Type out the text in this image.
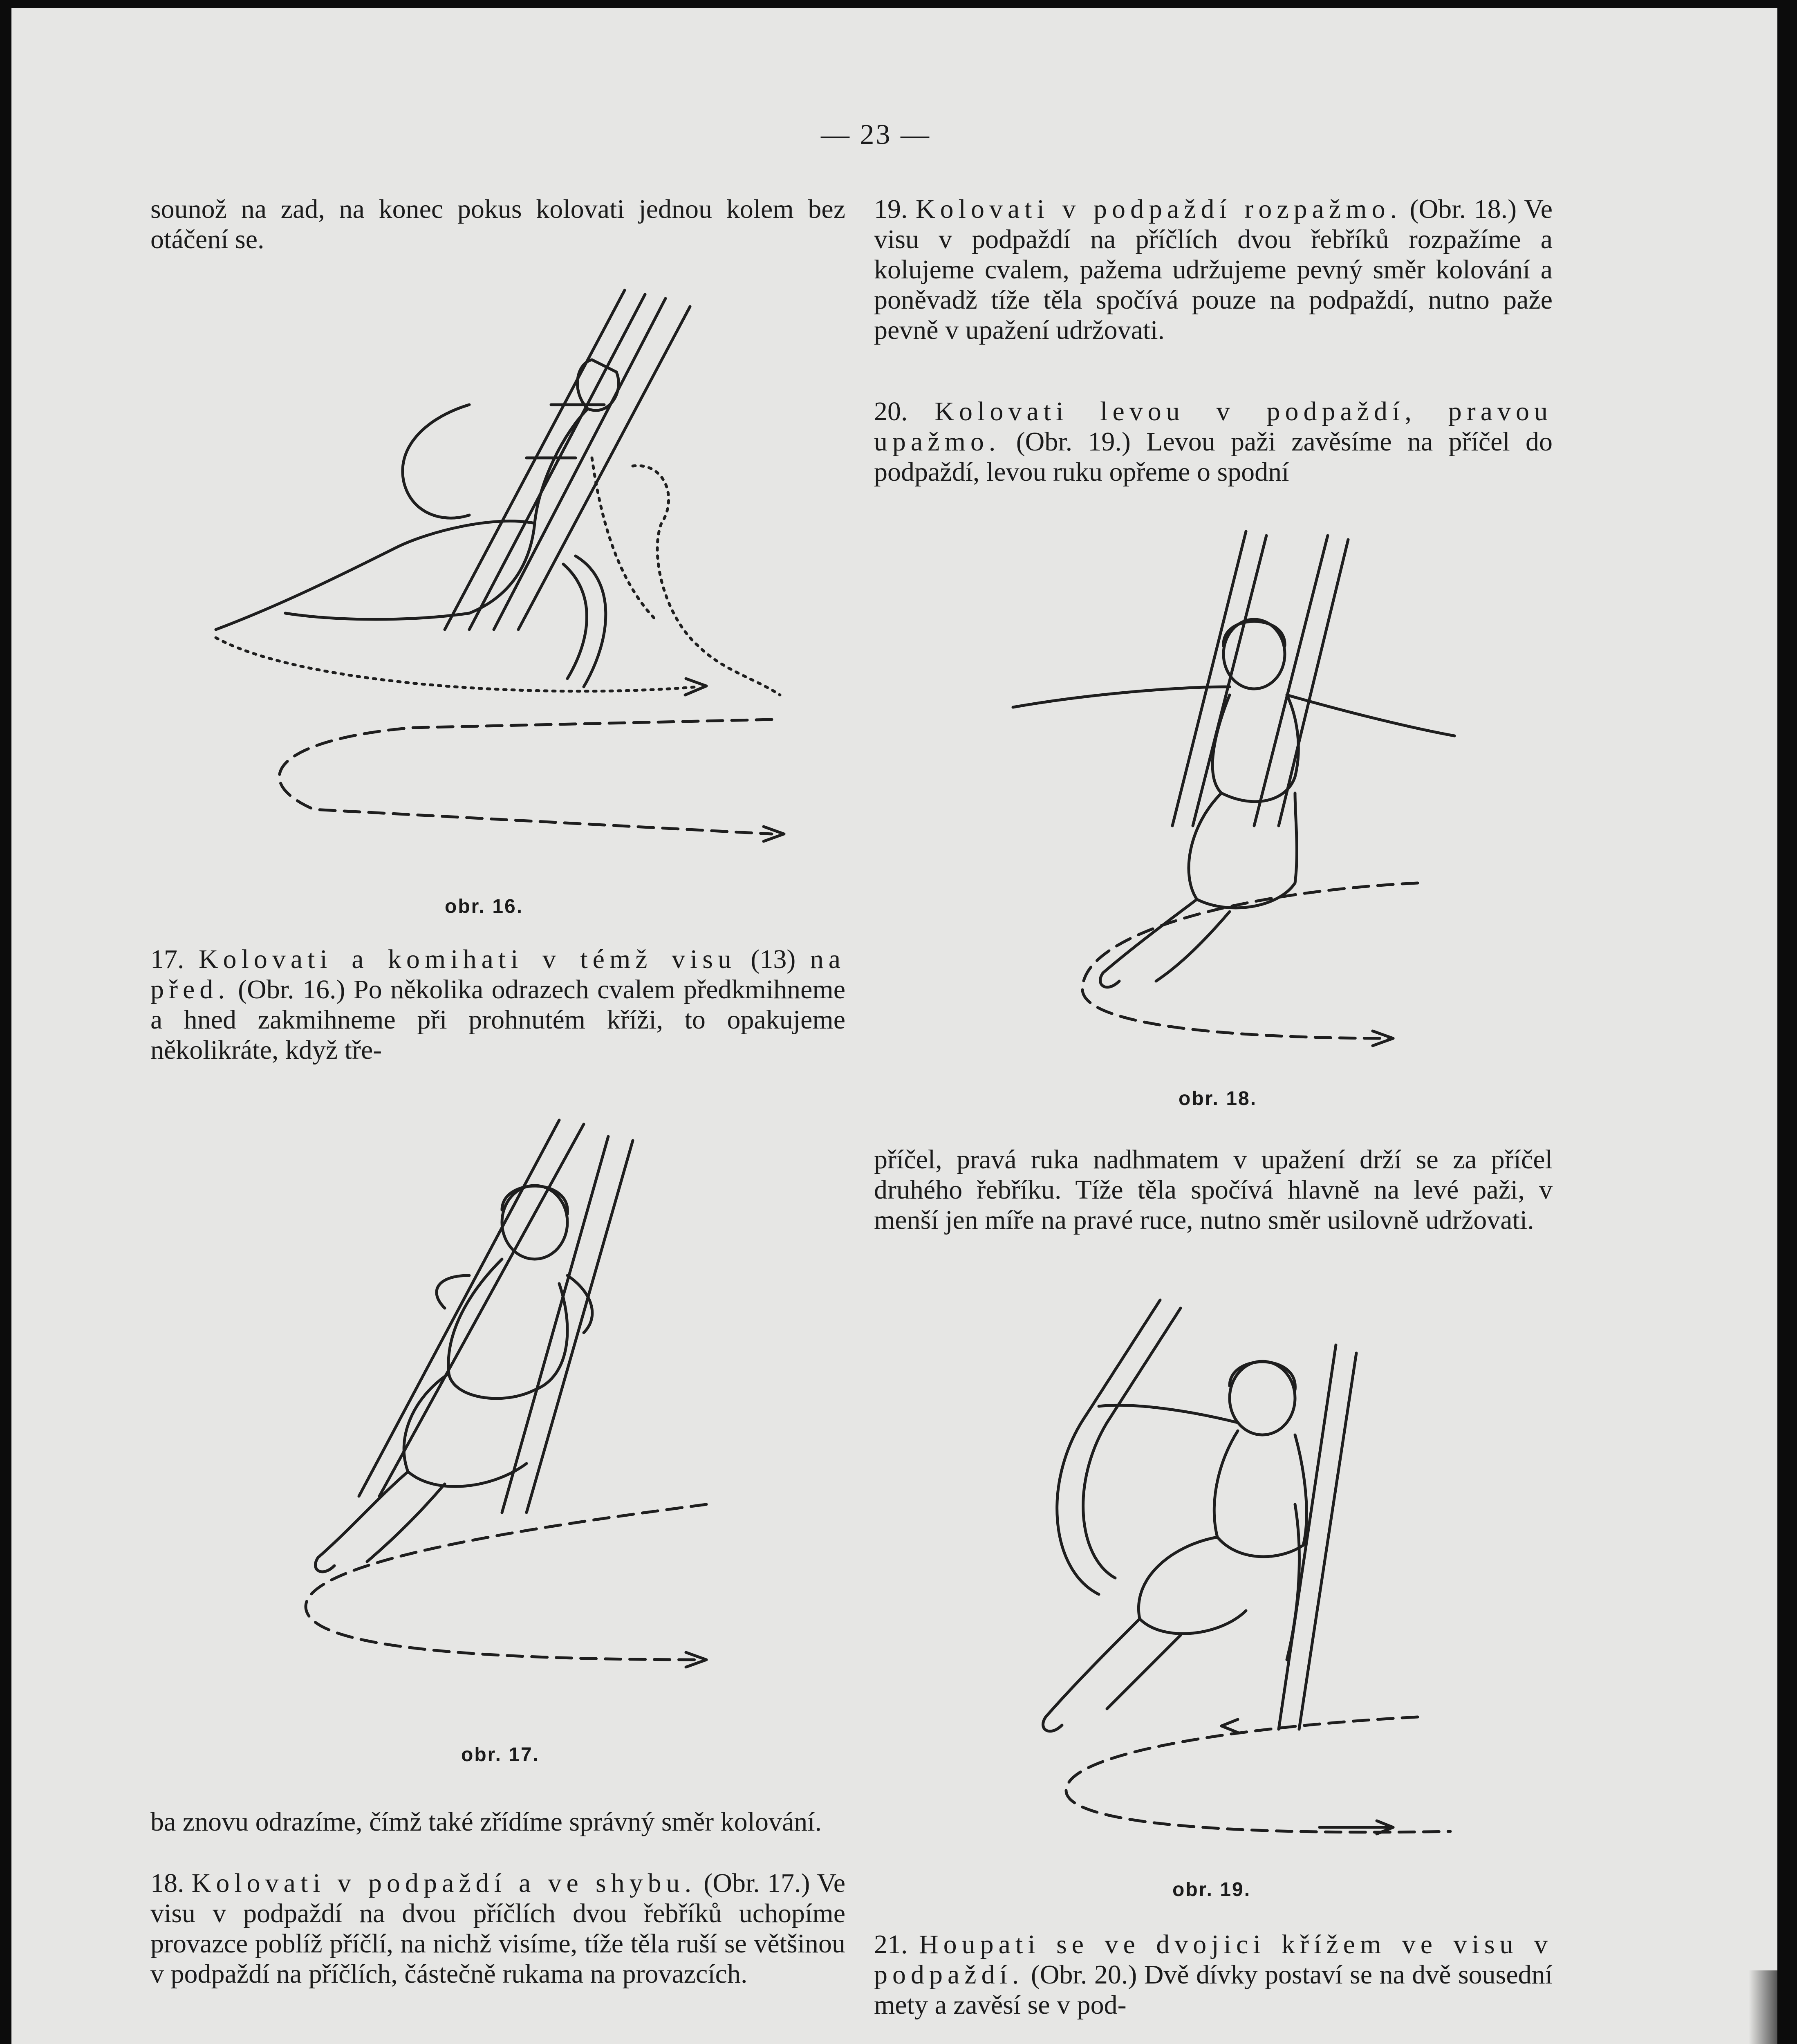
— 23 —

sounož na zad, na konec pokus kolovati jednou kolem bez otáčení se.

obr. 16.

17. Kolovati a komihati v témž visu (13) na před. (Obr. 16.) Po několika odrazech cvalem předkmihneme a hned zakmihneme při prohnutém kříži, to opakujeme několikráte, když tře-

obr. 17.

ba znovu odrazíme, čímž také zřídíme správný směr kolování.

18. Kolovati v podpaždí a ve shybu. (Obr. 17.) Ve visu v podpaždí na dvou příčlích dvou řebříků uchopíme provazce poblíž příčlí, na nichž visíme, tíže těla ruší se většinou v podpaždí na příčlích, částečně rukama na provazcích.

19. Kolovati v podpaždí rozpažmo. (Obr. 18.) Ve visu v podpaždí na příčlích dvou řebříků rozpažíme a kolujeme cvalem, pažema udržujeme pevný směr kolování a poněvadž tíže těla spočívá pouze na podpaždí, nutno paže pevně v upažení udržovati.

20. Kolovati levou v podpaždí, pravou upažmo. (Obr. 19.) Levou paži zavěsíme na příčel do podpaždí, levou ruku opřeme o spodní

obr. 18.

příčel, pravá ruka nadhmatem v upažení drží se za příčel druhého řebříku. Tíže těla spočívá hlavně na levé paži, v menší jen míře na pravé ruce, nutno směr usilovně udržovati.

obr. 19.

21. Houpati se ve dvojici křížem ve visu v podpaždí. (Obr. 20.) Dvě dívky postaví se na dvě sousední mety a zavěsí se v pod-
